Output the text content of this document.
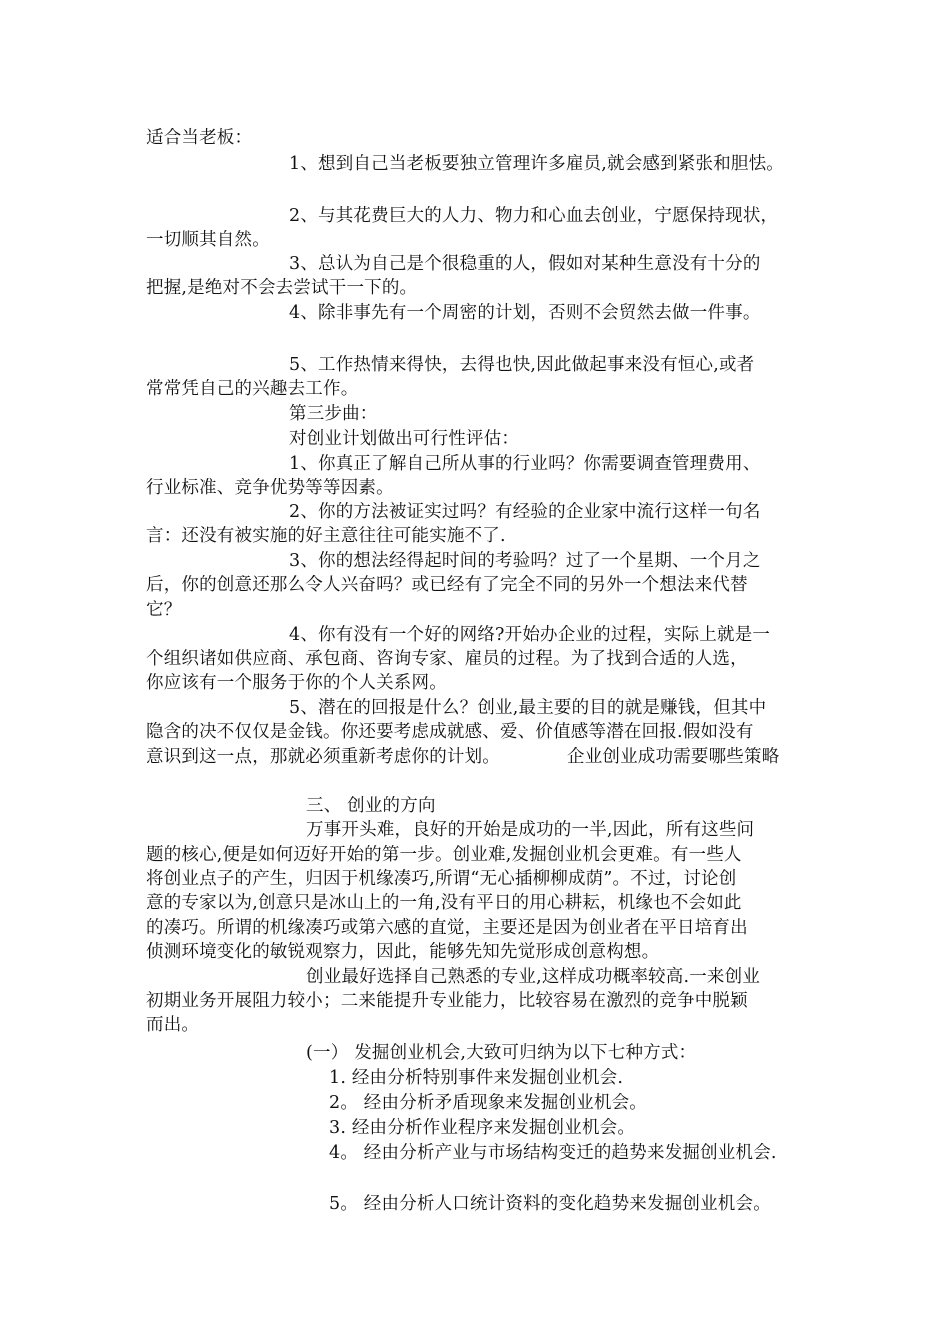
适合当老板：
1、想到自己当老板要独立管理许多雇员,就会感到紧张和胆怯。
2、与其花费巨大的人力、物力和心血去创业，宁愿保持现状，
一切顺其自然。
3、总认为自己是个很稳重的人，假如对某种生意没有十分的
把握,是绝对不会去尝试干一下的。
4、除非事先有一个周密的计划，否则不会贸然去做一件事。
5、工作热情来得快，去得也快,因此做起事来没有恒心,或者
常常凭自己的兴趣去工作。
第三步曲：
对创业计划做出可行性评估：
1、你真正了解自己所从事的行业吗？你需要调查管理费用、
行业标准、竞争优势等等因素。
2、你的方法被证实过吗？有经验的企业家中流行这样一句名
言：还没有被实施的好主意往往可能实施不了.
3、你的想法经得起时间的考验吗？过了一个星期、一个月之
后，你的创意还那么令人兴奋吗？或已经有了完全不同的另外一个想法来代替
它？
4、你有没有一个好的网络?开始办企业的过程，实际上就是一
个组织诸如供应商、承包商、咨询专家、雇员的过程。为了找到合适的人选，
你应该有一个服务于你的个人关系网。
5、潜在的回报是什么？创业,最主要的目的就是赚钱，但其中
隐含的决不仅仅是金钱。你还要考虑成就感、爱、价值感等潜在回报.假如没有
意识到这一点，那就必须重新考虑你的计划。	企业创业成功需要哪些策略
三、 创业的方向
万事开头难，良好的开始是成功的一半,因此，所有这些问
题的核心,便是如何迈好开始的第一步。创业难,发掘创业机会更难。有一些人
将创业点子的产生，归因于机缘凑巧,所谓“无心插柳柳成荫”。不过，讨论创
意的专家以为,创意只是冰山上的一角,没有平日的用心耕耘，机缘也不会如此
的凑巧。所谓的机缘凑巧或第六感的直觉，主要还是因为创业者在平日培育出
侦测环境变化的敏锐观察力，因此，能够先知先觉形成创意构想。
创业最好选择自己熟悉的专业,这样成功概率较高.一来创业
初期业务开展阻力较小；二来能提升专业能力，比较容易在激烈的竞争中脱颖
而出。
(一） 发掘创业机会,大致可归纳为以下七种方式：
1. 经由分析特别事件来发掘创业机会.
2。 经由分析矛盾现象来发掘创业机会。
3. 经由分析作业程序来发掘创业机会。
4。 经由分析产业与市场结构变迁的趋势来发掘创业机会.
5。 经由分析人口统计资料的变化趋势来发掘创业机会。
